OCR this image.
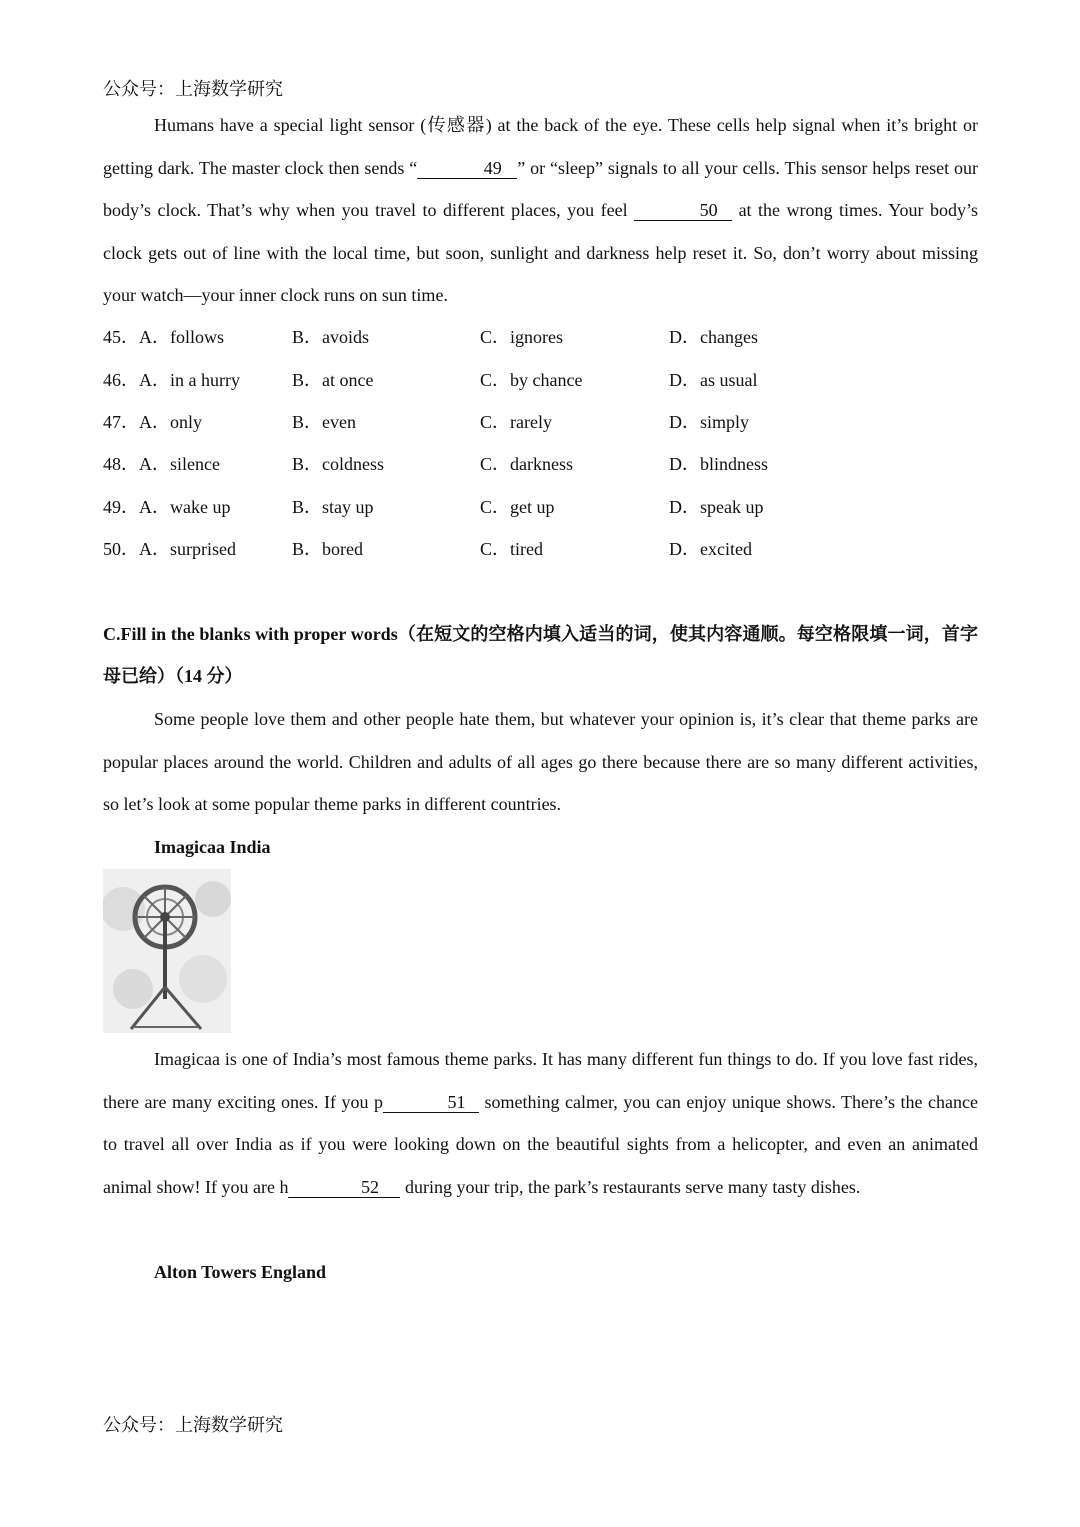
公众号：上海数学研究
Humans have a special light sensor (传感器) at the back of the eye. These cells help signal when it’s bright or getting dark. The master clock then sends “	49 ” or “sleep” signals to all your cells. This sensor helps reset our body’s clock. That’s why when you travel to different places, you feel	50 at the wrong times. Your body’s clock gets out of line with the local time, but soon, sunlight and darkness help reset it. So, don’t worry about missing your watch—your inner clock runs on sun time.
45．A．follows	B．avoids	C．ignores	D．changes
46．A．in a hurry	B．at once	C．by chance	D．as usual
47．A．only	B．even	C．rarely	D．simply
48．A．silence	B．coldness	C．darkness	D．blindness
49．A．wake up	B．stay up	C．get up	D．speak up
50．A．surprised	B．bored	C．tired	D．excited
C.Fill in the blanks with proper words（在短文的空格内填入适当的词，使其内容通顺。每空格限填一词，首字母已给）（14 分）
Some people love them and other people hate them, but whatever your opinion is, it’s clear that theme parks are popular places around the world. Children and adults of all ages go there because there are so many different activities, so let’s look at some popular theme parks in different countries.
Imagicaa India
Imagicaa is one of India’s most famous theme parks. It has many different fun things to do. If you love fast rides, there are many exciting ones. If you p	51 something calmer, you can enjoy unique shows. There’s the chance to travel all over India as if you were looking down on the beautiful sights from a helicopter, and even an animated animal show! If you are h	52 during your trip, the park’s restaurants serve many tasty dishes.
Alton Towers England
公众号：上海数学研究
